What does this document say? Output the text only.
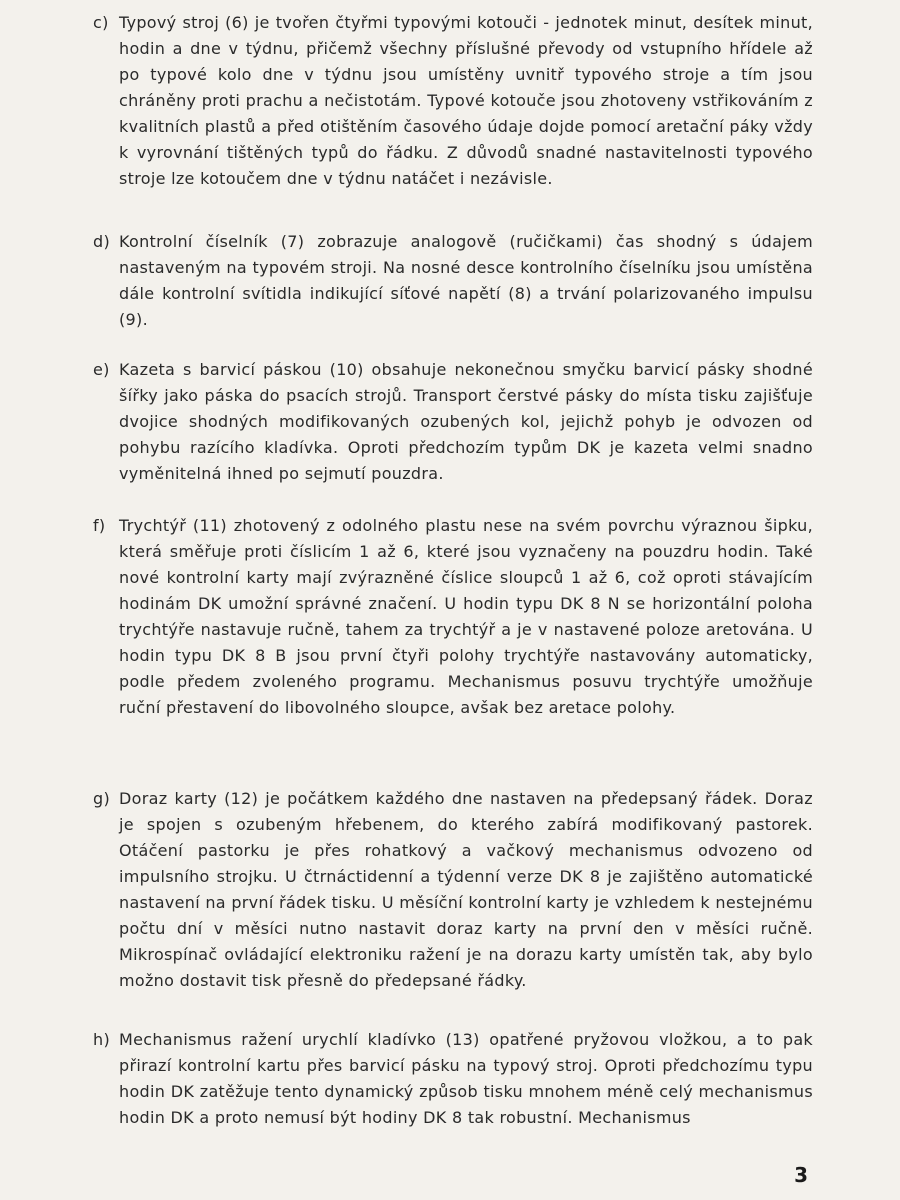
c) Typový stroj (6) je tvořen čtyřmi typovými kotouči - jednotek minut, desítek minut, hodin a dne v týdnu, přičemž všechny příslušné převody od vstupního hřídele až po typové kolo dne v týdnu jsou umístěny uvnitř typového stroje a tím jsou chráněny proti prachu a nečistotám. Typové kotouče jsou zhotoveny vstřikováním z kvalitních plastů a před otištěním časového údaje dojde pomocí aretační páky vždy k vyrovnání tištěných typů do řádku. Z důvodů snadné nastavitelnosti typového stroje lze kotoučem dne v týdnu natáčet i nezávisle.
d) Kontrolní číselník (7) zobrazuje analogově (ručičkami) čas shodný s údajem nastaveným na typovém stroji. Na nosné desce kontrolního číselníku jsou umístěna dále kontrolní svítidla indikující síťové napětí (8) a trvání polarizovaného impulsu (9).
e) Kazeta s barvicí páskou (10) obsahuje nekonečnou smyčku barvicí pásky shodné šířky jako páska do psacích strojů. Transport čerstvé pásky do místa tisku zajišťuje dvojice shodných modifikovaných ozubených kol, jejichž pohyb je odvozen od pohybu razícího kladívka. Oproti předchozím typům DK je kazeta velmi snadno vyměnitelná ihned po sejmutí pouzdra.
f) Trychtýř (11) zhotovený z odolného plastu nese na svém povrchu výraznou šipku, která směřuje proti číslicím 1 až 6, které jsou vyznačeny na pouzdru hodin. Také nové kontrolní karty mají zvýrazněné číslice sloupců 1 až 6, což oproti stávajícím hodinám DK umožní správné značení. U hodin typu DK 8 N se horizontální poloha trychtýře nastavuje ručně, tahem za trychtýř a je v nastavené poloze aretována. U hodin typu DK 8 B jsou první čtyři polohy trychtýře nastavovány automaticky, podle předem zvoleného programu. Mechanismus posuvu trychtýře umožňuje ruční přestavení do libovolného sloupce, avšak bez aretace polohy.
g) Doraz karty (12) je počátkem každého dne nastaven na předepsaný řádek. Doraz je spojen s ozubeným hřebenem, do kterého zabírá modifikovaný pastorek. Otáčení pastorku je přes rohatkový a vačkový mechanismus odvozeno od impulsního strojku. U čtrnáctidenní a týdenní verze DK 8 je zajištěno automatické nastavení na první řádek tisku. U měsíční kontrolní karty je vzhledem k nestejnému počtu dní v měsíci nutno nastavit doraz karty na první den v měsíci ručně. Mikrospínač ovládající elektroniku ražení je na dorazu karty umístěn tak, aby bylo možno dostavit tisk přesně do předepsané řádky.
h) Mechanismus ražení urychlí kladívko (13) opatřené pryžovou vložkou, a to pak přirazí kontrolní kartu přes barvicí pásku na typový stroj. Oproti předchozímu typu hodin DK zatěžuje tento dynamický způsob tisku mnohem méně celý mechanismus hodin DK a proto nemusí být hodiny DK 8 tak robustní. Mechanismus
3
